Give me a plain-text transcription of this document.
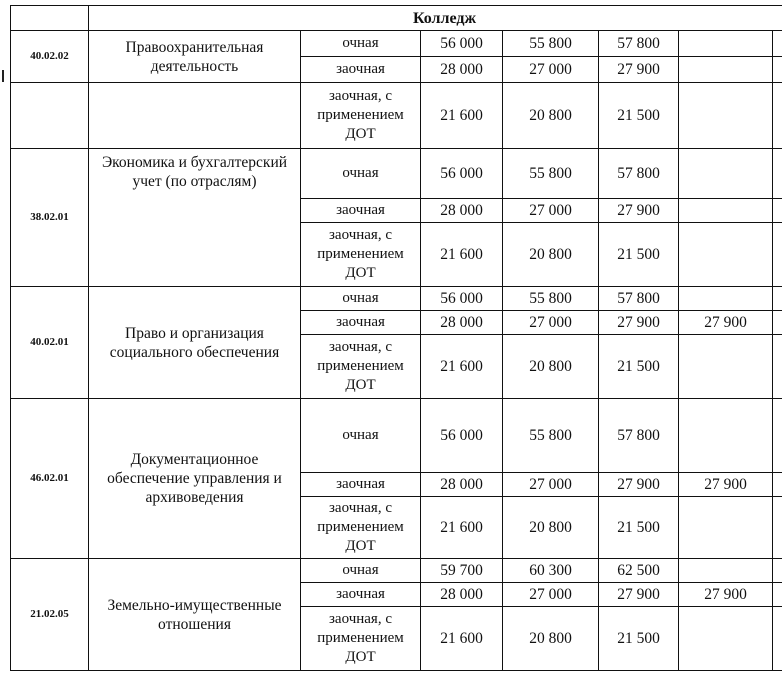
	Колледж						
40.02.02	Правоохранительная деятельность	очная	56 000	55 800	57 800		
		заочная	28 000	27 000	27 900		
		заочная, с применением ДОТ	21 600	20 800	21 500		
38.02.01	Экономика и бухгалтерский учет (по отраслям)	очная	56 000	55 800	57 800		
		заочная	28 000	27 000	27 900		
		заочная, с применением ДОТ	21 600	20 800	21 500		
40.02.01	Право и организация социального обеспечения	очная	56 000	55 800	57 800		
		заочная	28 000	27 000	27 900	27 900	
		заочная, с применением ДОТ	21 600	20 800	21 500		
46.02.01	Документационное обеспечение управления и архивоведения	очная	56 000	55 800	57 800		
		заочная	28 000	27 000	27 900	27 900	
		заочная, с применением ДОТ	21 600	20 800	21 500		
21.02.05	Земельно-имущественные отношения	очная	59 700	60 300	62 500		
		заочная	28 000	27 000	27 900	27 900	
		заочная, с применением ДОТ	21 600	20 800	21 500		
